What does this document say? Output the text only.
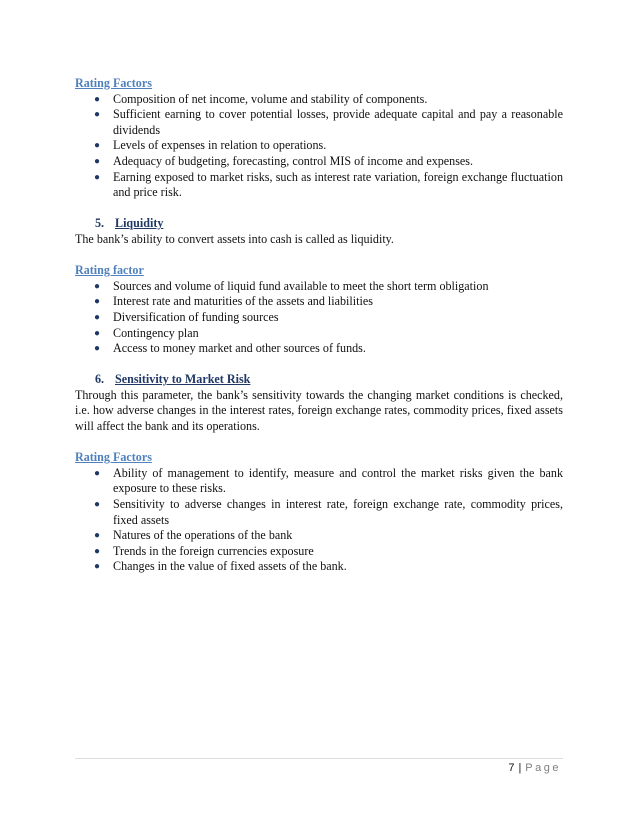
Rating Factors

● Composition of net income, volume and stability of components.
● Sufficient earning to cover potential losses, provide adequate capital and pay a reasonable dividends
● Levels of expenses in relation to operations.
● Adequacy of budgeting, forecasting, control MIS of income and expenses.
● Earning exposed to market risks, such as interest rate variation, foreign exchange fluctuation and price risk.

5. Liquidity

The bank’s ability to convert assets into cash is called as liquidity.

Rating factor

● Sources and volume of liquid fund available to meet the short term obligation
● Interest rate and maturities of the assets and liabilities
● Diversification of funding sources
● Contingency plan
● Access to money market and other sources of funds.

6. Sensitivity to Market Risk

Through this parameter, the bank’s sensitivity towards the changing market conditions is checked, i.e. how adverse changes in the interest rates, foreign exchange rates, commodity prices, fixed assets will affect the bank and its operations.

Rating Factors

● Ability of management to identify, measure and control the market risks given the bank exposure to these risks.
● Sensitivity to adverse changes in interest rate, foreign exchange rate, commodity prices, fixed assets
● Natures of the operations of the bank
● Trends in the foreign currencies exposure
● Changes in the value of fixed assets of the bank.
7 | Page
